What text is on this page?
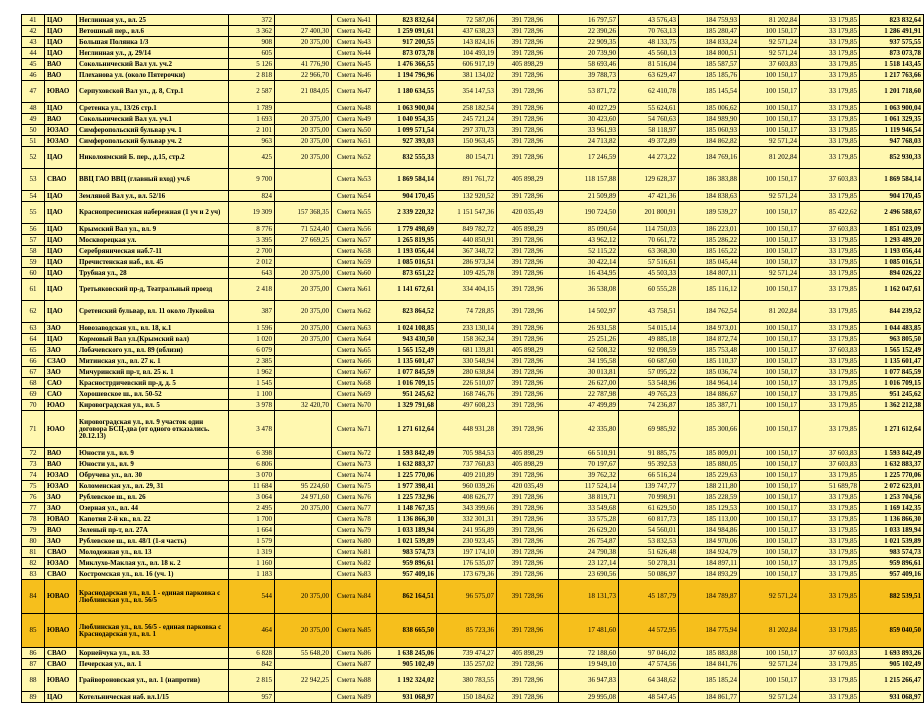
41	ЦАО	Неглинная ул., вл. 25	372		Смета №41	823 832,64	72 587,06	391 728,96	16 797,57	43 576,43	184 759,93	81 202,84	33 179,85	823 832,64
42	ЦАО	Ветошный пер., вл.6	3 362	27 400,30	Смета №42	1 259 091,61	437 638,23	391 728,96	22 390,26	70 763,13	185 280,47	100 150,17	33 179,85	1 286 491,91
43	ЦАО	Большая Полянка 1/3	908	20 375,00	Смета №43	917 200,55	143 824,16	391 728,96	22 909,35	48 133,75	184 833,24	92 571,24	33 179,85	937 575,55
44	ЦАО	Неглинная ул., д. 29/14	605		Смета №44	873 073,78	104 493,19	391 728,96	20 739,90	45 560,13	184 800,51	92 571,24	33 179,85	873 073,78
45	ВАО	Сокольнический Вал ул. уч.2	5 126	41 776,90	Смета №45	1 476 366,55	606 917,19	405 898,29	58 693,46	81 516,04	185 587,57	37 603,83	33 179,85	1 518 143,45
46	ВАО	Плеханова ул. (около Пятерочки)	2 818	22 966,70	Смета №46	1 194 796,96	381 134,02	391 728,96	39 788,73	63 629,47	185 185,76	100 150,17	33 179,85	1 217 763,66
47	ЮВАО	Серпуховской Вал ул., д. 8, Стр.1	2 587	21 084,05	Смета №47	1 180 634,55	354 147,53	391 728,96	53 871,72	62 410,78	185 145,54	100 150,17	33 179,85	1 201 718,60
48	ЦАО	Сретенка ул., 13/26 стр.1	1 789		Смета №48	1 063 900,04	258 182,54	391 728,96	40 027,29	55 624,61	185 006,62	100 150,17	33 179,85	1 063 900,04
49	ВАО	Сокольнический Вал ул. уч.1	1 693	20 375,00	Смета №49	1 040 954,35	245 721,24	391 728,96	30 423,60	54 760,63	184 989,90	100 150,17	33 179,85	1 061 329,35
50	ЮЗАО	Симферопольский бульвар уч. 1	2 101	20 375,00	Смета №50	1 099 571,54	297 370,73	391 728,96	33 961,93	58 118,97	185 060,93	100 150,17	33 179,85	1 119 946,54
51	ЮЗАО	Симферопольский бульвар уч. 2	963	20 375,00	Смета №51	927 393,03	150 963,45	391 728,96	24 713,82	49 372,89	184 862,82	92 571,24	33 179,85	947 768,03
52	ЦАО	Николоямский Б. пер., д.15, стр.2	425	20 375,00	Смета №52	832 555,33	80 154,71	391 728,96	17 246,59	44 273,22	184 769,16	81 202,84	33 179,85	852 930,33
53	СВАО	ВВЦ ГАО ВВЦ (главный вход) уч.6	9 700		Смета №53	1 869 584,14	891 761,72	405 898,29	118 157,88	129 628,37	186 383,88	100 150,17	37 603,83	1 869 584,14
54	ЦАО	Земляной Вал ул., вл. 52/16	824		Смета №54	904 170,45	132 920,52	391 728,96	21 509,89	47 421,36	184 838,63	92 571,24	33 179,85	904 170,45
55	ЦАО	Краснопресненская набережная (1 уч и 2 уч)	19 309	157 368,35	Смета №55	2 339 220,32	1 151 547,36	420 035,49	190 724,50	201 800,91	189 539,27	100 150,17	85 422,62	2 496 588,67
56	ЦАО	Крымский Вал ул., вл. 9	8 776	71 524,40	Смета №56	1 779 498,69	849 782,72	405 898,29	85 090,64	114 750,03	186 223,01	100 150,17	37 603,83	1 851 023,09
57	ЦАО	Москворецкая ул.	3 395	27 669,25	Смета №57	1 265 819,95	440 850,91	391 728,96	43 962,12	70 661,72	185 286,22	100 150,17	33 179,85	1 293 489,20
58	ЦАО	Серебряническая наб.7-11	2 700		Смета №58	1 193 056,44	367 348,72	391 728,96	52 115,22	63 368,30	185 165,22	100 150,17	33 179,85	1 193 056,44
59	ЦАО	Пречистенская наб., вл. 45	2 012		Смета №59	1 085 016,51	286 973,34	391 728,96	30 422,14	57 516,61	185 045,44	100 150,17	33 179,85	1 085 016,51
60	ЦАО	Трубная ул., 28	643	20 375,00	Смета №60	873 651,22	109 425,78	391 728,96	16 434,95	45 503,33	184 807,11	92 571,24	33 179,85	894 026,22
61	ЦАО	Третьяковский пр-д, Театральный проезд	2 418	20 375,00	Смета №61	1 141 672,61	334 404,15	391 728,96	36 538,08	60 555,28	185 116,12	100 150,17	33 179,85	1 162 047,61
62	ЦАО	Сретенский бульвар, вл. 11 около Лукойла	387	20 375,00	Смета №62	823 864,52	74 728,85	391 728,96	14 502,97	43 758,51	184 762,54	81 202,84	33 179,85	844 239,52
63	ЗАО	Новозаводская ул., вл. 18, к.1	1 596	20 375,00	Смета №63	1 024 108,85	233 130,14	391 728,96	26 931,58	54 015,14	184 973,01	100 150,17	33 179,85	1 044 483,85
64	ЦАО	Кормовый Вал ул.(Крымский вал)	1 020	20 375,00	Смета №64	943 430,50	158 362,34	391 728,96	25 251,26	49 885,18	184 872,74	100 150,17	33 179,85	963 805,50
65	ЗАО	Лобачевского ул., вл. 89 (вблизи)	6 079		Смета №65	1 565 152,49	681 139,81	405 898,29	62 508,32	92 098,59	185 753,48	100 150,17	37 603,83	1 565 152,49
66	СЗАО	Митинская ул., вл. 27 к. 1	2 385		Смета №66	1 135 601,47	330 548,94	391 728,96	34 195,58	60 687,60	185 110,37	100 150,17	33 179,85	1 135 601,47
67	ЗАО	Мичуринский пр-т, вл. 25 к. 1	1 962		Смета №67	1 077 845,59	280 638,84	391 728,96	30 013,81	57 095,22	185 036,74	100 150,17	33 179,85	1 077 845,59
68	САО	Краснострдичевский пр-д, д. 5	1 545		Смета №68	1 016 709,15	226 510,07	391 728,96	26 627,00	53 548,96	184 964,14	100 150,17	33 179,85	1 016 709,15
69	САО	Хорошевское ш., вл. 50-52	1 100		Смета №69	951 245,62	168 746,76	391 728,96	22 787,98	49 765,23	184 886,67	100 150,17	33 179,85	951 245,62
70	ЮАО	Кировоградская ул., вл. 5	3 978	32 420,70	Смета №70	1 329 791,68	497 608,23	391 728,96	47 499,89	74 236,87	185 387,71	100 150,17	33 179,85	1 362 212,38
71	ЮАО	Кировоградская ул., вл. 9 участок один договора БСЦ-два (от одного отказались. 20.12.13)	3 478		Смета №71	1 271 612,64	448 931,28	391 728,96	42 335,80	69 985,92	185 300,66	100 150,17	33 179,85	1 271 612,64
72	ВАО	Юности ул., вл. 9	6 398		Смета №72	1 593 842,49	705 984,53	405 898,29	66 510,91	91 885,75	185 809,01	100 150,17	37 603,83	1 593 842,49
73	ВАО	Юности ул., вл. 9	6 806		Смета №73	1 632 883,37	737 760,83	405 898,29	70 197,67	95 392,53	185 880,05	100 150,17	37 603,83	1 632 883,37
74	ЮЗАО	Обручева ул., вл. 30	3 070		Смета №74	1 225 770,06	409 210,89	391 728,96	39 762,32	66 516,24	185 229,63	100 150,17	33 179,85	1 225 770,06
75	ЮЗАО	Коломенская ул., вл. 29, 31	11 684	95 224,60	Смета №75	1 977 398,41	960 039,26	420 035,49	117 524,14	139 747,77	188 211,80	100 150,17	51 689,78	2 072 623,01
76	ЗАО	Рублевское ш., вл. 26	3 064	24 971,60	Смета №76	1 225 732,96	408 626,77	391 728,96	38 819,71	70 998,91	185 228,59	100 150,17	33 179,85	1 253 704,56
77	ЗАО	Озерная ул., вл. 44	2 495	20 375,00	Смета №77	1 148 767,35	343 399,66	391 728,96	33 549,68	61 629,50	185 129,53	100 150,17	33 179,85	1 169 142,35
78	ЮВАО	Капотня 2-й кв., вл. 22	1 700		Смета №78	1 136 866,30	332 301,31	391 728,96	33 575,28	60 817,73	185 113,00	100 150,17	33 179,85	1 136 866,30
79	ВАО	Зеленый пр-т, вл. 27А	1 664		Смета №79	1 033 189,94	241 956,89	391 728,96	26 629,20	54 560,01	184 984,86	100 150,17	33 179,85	1 033 189,94
80	ЗАО	Рублевское ш., вл. 48/1 (1-я часть)	1 579		Смета №80	1 021 539,89	230 923,45	391 728,96	26 754,87	53 832,53	184 970,06	100 150,17	33 179,85	1 021 539,89
81	СВАО	Молодежная ул., вл. 13	1 319		Смета №81	983 574,73	197 174,10	391 728,96	24 790,38	51 626,48	184 924,79	100 150,17	33 179,85	983 574,73
82	ЮЗАО	Миклухо-Маклая ул., вл. 18 к. 2	1 160		Смета №82	959 896,61	176 535,07	391 728,96	23 127,14	50 278,31	184 897,11	100 150,17	33 179,85	959 896,61
83	СВАО	Костромская ул., вл. 16 (уч. 1)	1 183		Смета №83	957 409,16	173 679,36	391 728,96	23 690,56	50 086,97	184 893,29	100 150,17	33 179,85	957 409,16
84	ЮВАО	Краснодарская ул., вл. 1 - единая парковка с Люблинская ул., вл. 56/5	544	20 375,00	Смета №84	862 164,51	96 575,07	391 728,96	18 131,73	45 187,79	184 789,87	92 571,24	33 179,85	882 539,51
85	ЮВАО	Люблинская ул., вл. 56/5 - единая парковка с Краснодарская ул., вл. 1	464	20 375,00	Смета №85	838 665,50	85 723,36	391 728,96	17 481,60	44 572,95	184 775,94	81 202,84	33 179,85	859 040,50
86	СВАО	Корнейчука ул., вл. 33	6 828	55 648,20	Смета №86	1 638 245,06	739 474,27	405 898,29	72 188,60	97 046,02	185 883,88	100 150,17	37 603,83	1 693 893,26
87	СВАО	Печерская ул., вл. 1	842		Смета №87	905 102,49	135 257,02	391 728,96	19 949,10	47 574,56	184 841,76	92 571,24	33 179,85	905 102,49
88	ЮВАО	Грайвороновская ул., вл. 1 (напротив)	2 815	22 942,25	Смета №88	1 192 324,02	380 783,55	391 728,96	36 947,83	64 348,62	185 185,24	100 150,17	33 179,85	1 215 266,47
89	ЦАО	Котельническая наб. вл.1/15	957		Смета №89	931 068,97	150 184,62	391 728,96	29 995,08	48 547,45	184 861,77	92 571,24	33 179,85	931 068,97
